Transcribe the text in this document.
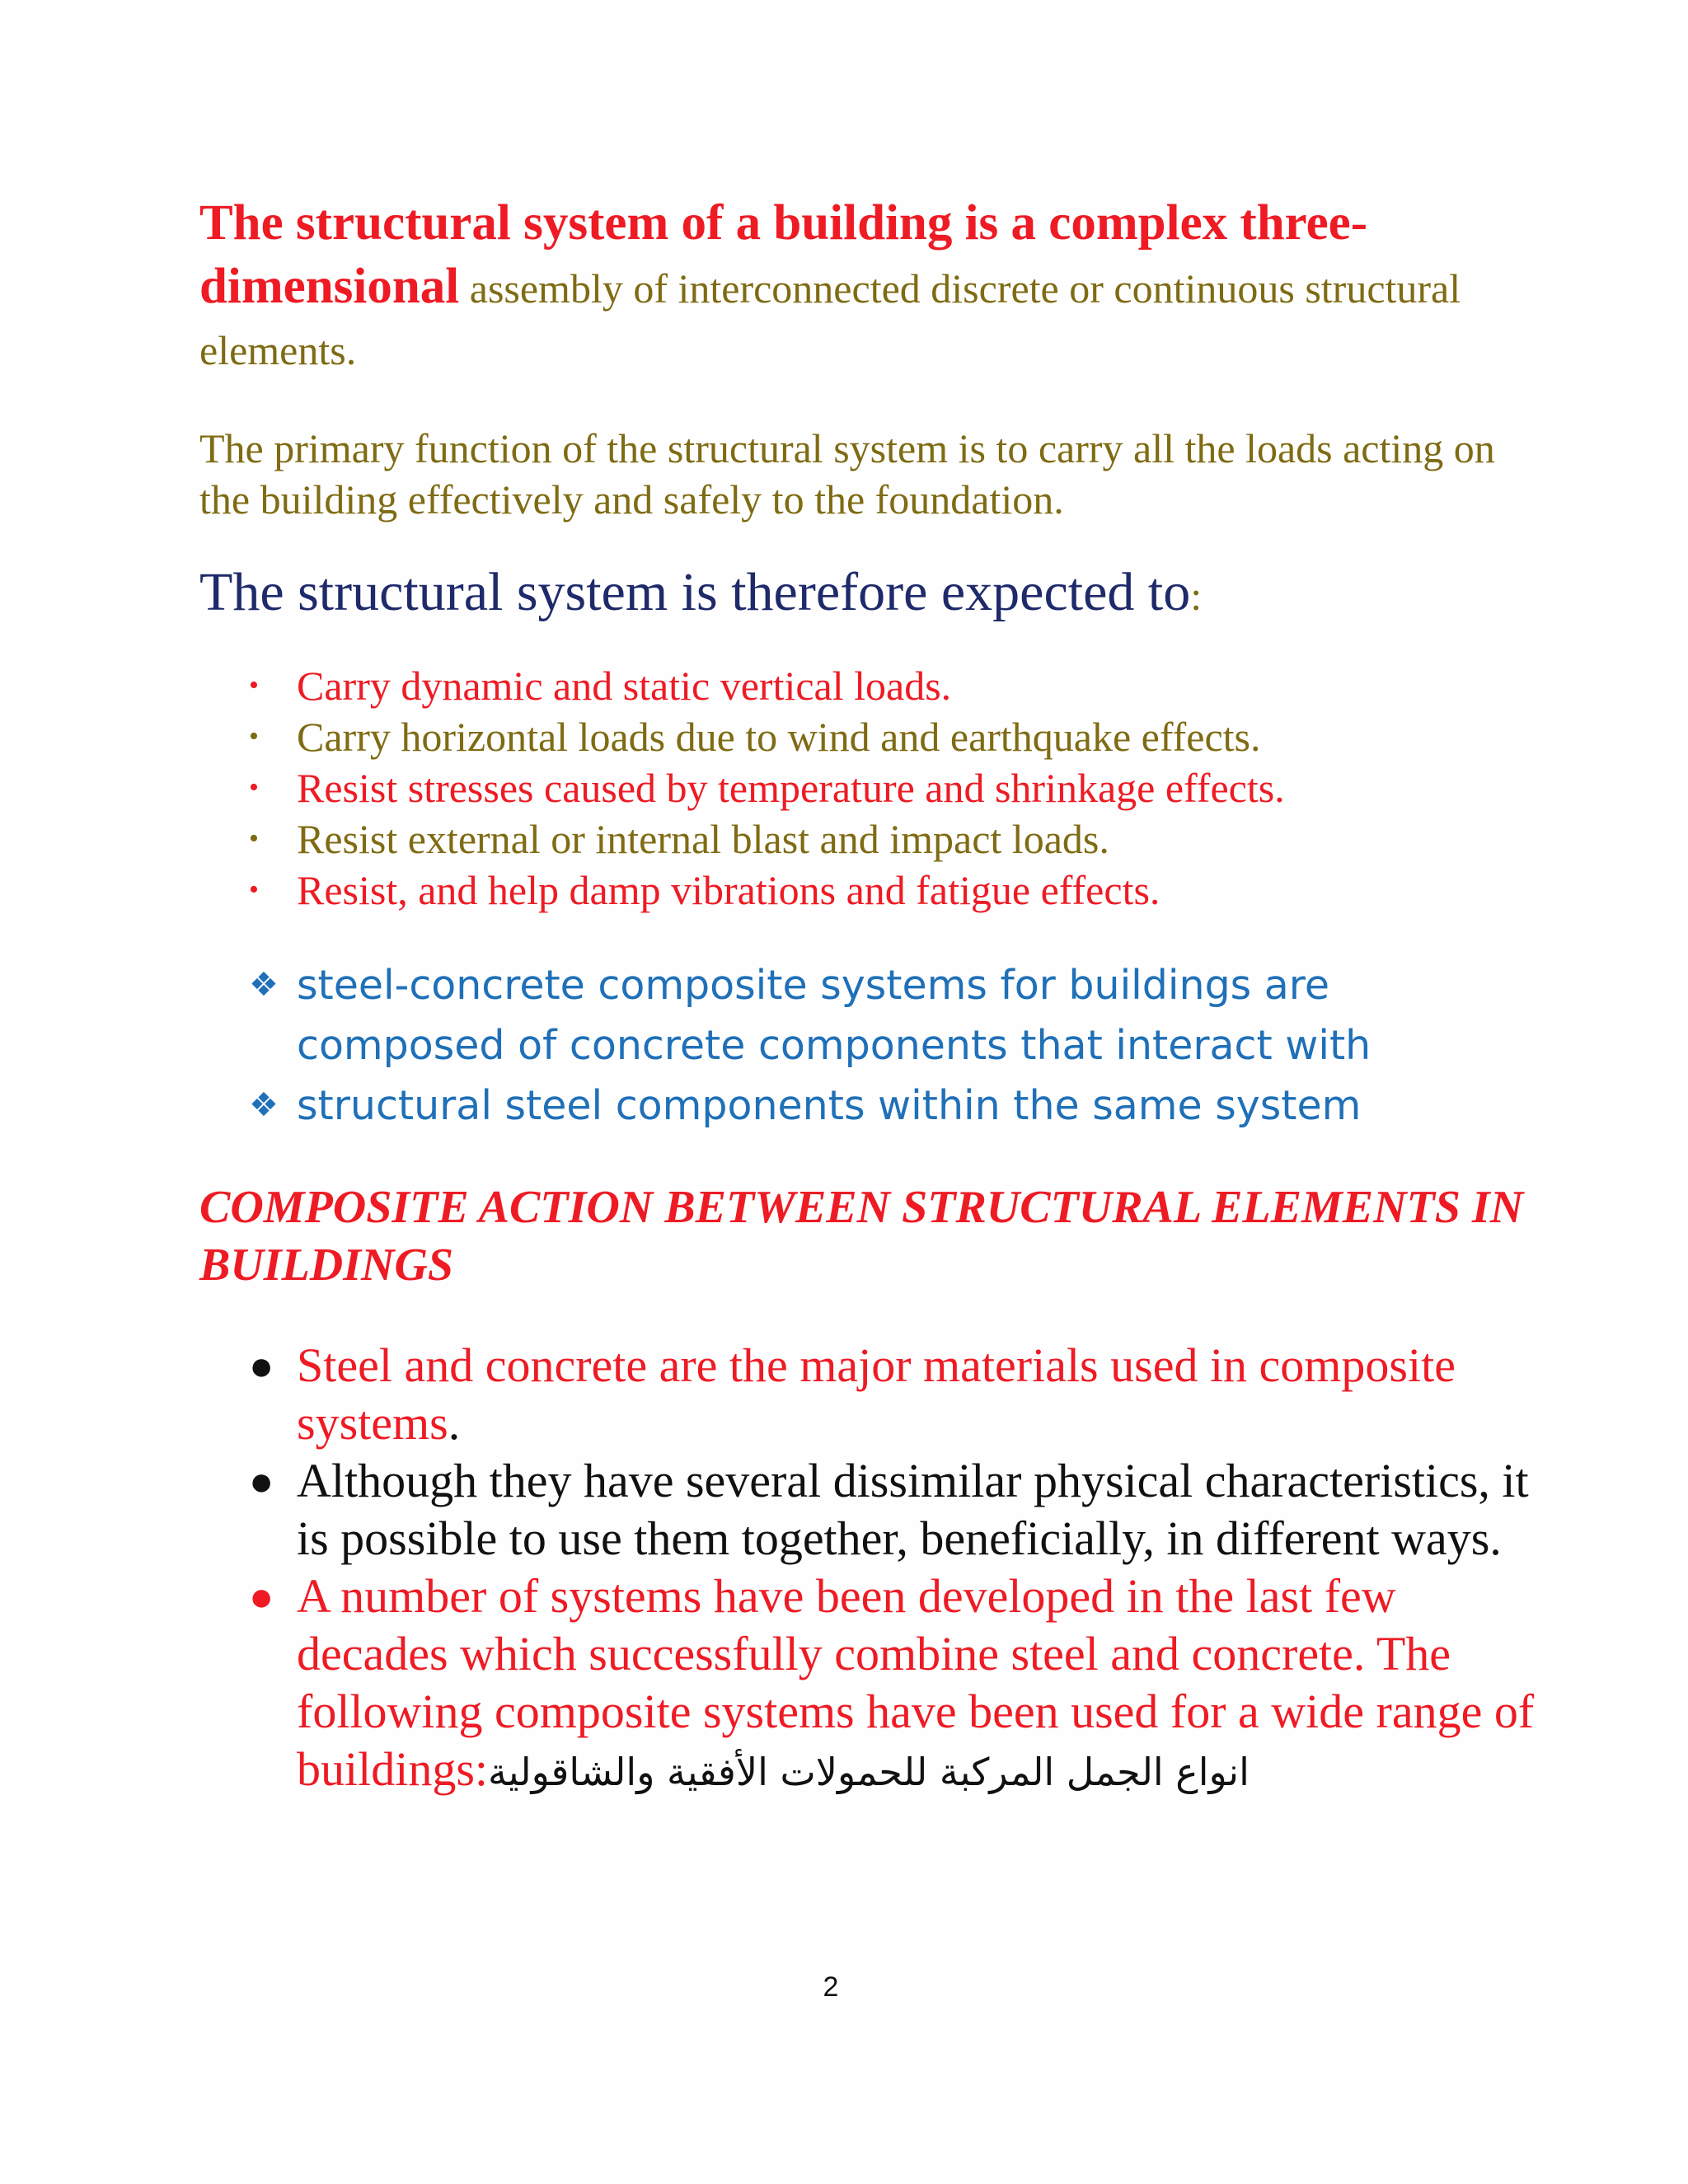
The structural system of a building is a complex three-dimensional assembly of interconnected discrete or continuous structural elements.

The primary function of the structural system is to carry all the loads acting on the building effectively and safely to the foundation.

The structural system is therefore expected to:

• Carry dynamic and static vertical loads.
• Carry horizontal loads due to wind and earthquake effects.
• Resist stresses caused by temperature and shrinkage effects.
• Resist external or internal blast and impact loads.
• Resist, and help damp vibrations and fatigue effects.
❖ steel-concrete composite systems for buildings are composed of concrete components that interact with
❖ structural steel components within the same system

COMPOSITE ACTION BETWEEN STRUCTURAL ELEMENTS IN BUILDINGS

● Steel and concrete are the major materials used in composite systems.
● Although they have several dissimilar physical characteristics, it is possible to use them together, beneficially, in different ways.
● A number of systems have been developed in the last few decades which successfully combine steel and concrete. The following composite systems have been used for a wide range of buildings:انواع الجمل المركبة للحمولات الأفقية والشاقولية
2
